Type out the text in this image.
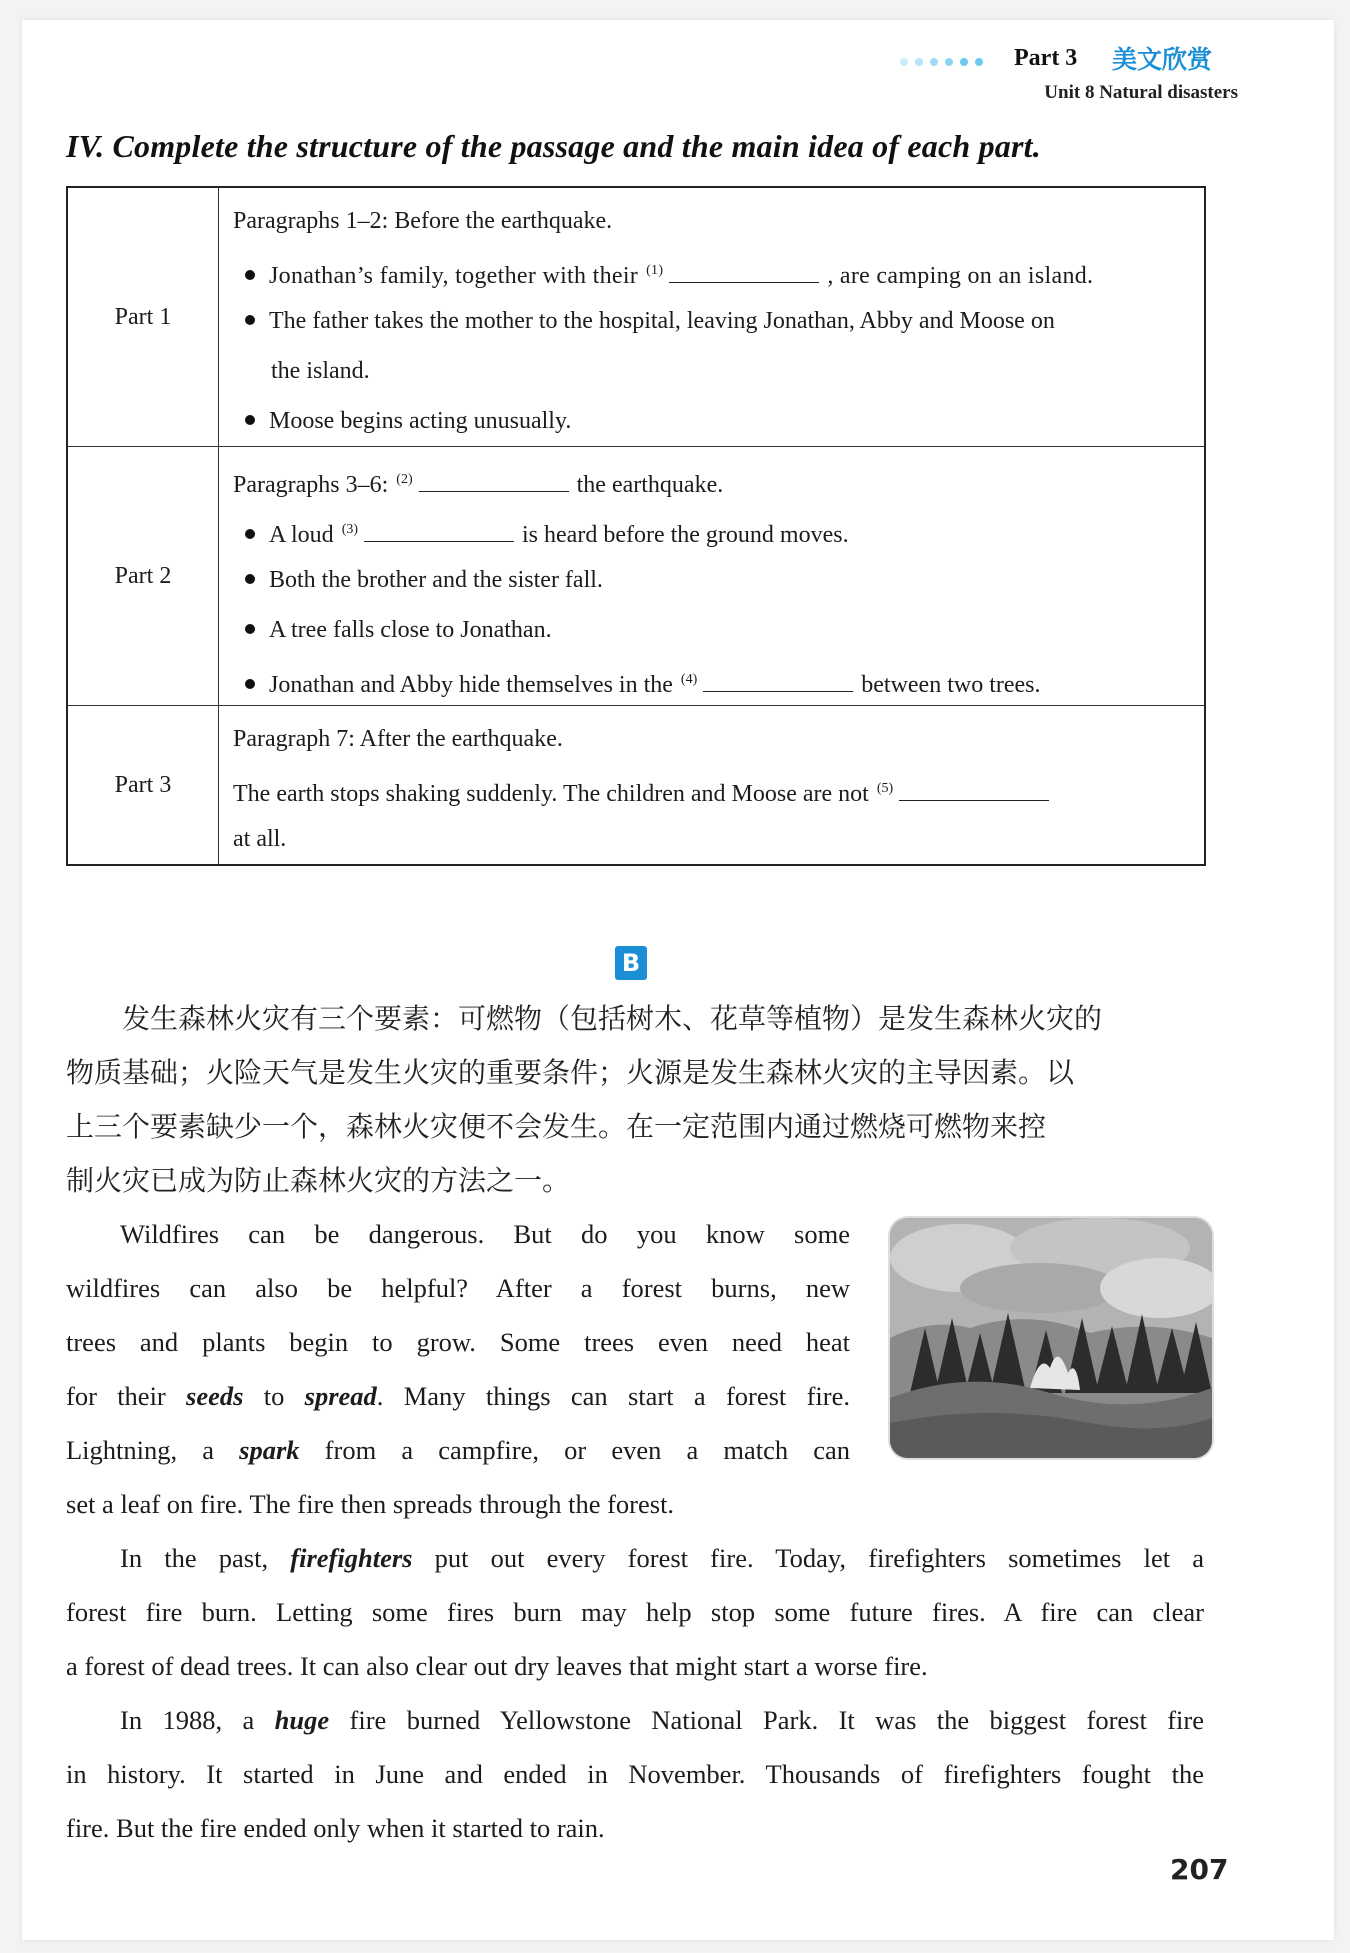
Part 3 美文欣赏
Unit 8 Natural disasters
IV. Complete the structure of the passage and the main idea of each part.
Part 1
Paragraphs 1–2: Before the earthquake.
Jonathan’s family, together with their $^{(1)}$	, are camping on an island.
The father takes the mother to the hospital, leaving Jonathan, Abby and Moose on
the island.
Moose begins acting unusually.
Part 2
Paragraphs 3–6: $^{(2)}$	the earthquake.
A loud $^{(3)}$	is heard before the ground moves.
Both the brother and the sister fall.
A tree falls close to Jonathan.
Jonathan and Abby hide themselves in the $^{(4)}$	between two trees.
Part 3
Paragraph 7: After the earthquake.
The earth stops shaking suddenly. The children and Moose are not $^{(5)}$
at all.
B
　　发生森林火灾有三个要素：可燃物（包括树木、花草等植物）是发生森林火灾的
物质基础；火险天气是发生火灾的重要条件；火源是发生森林火灾的主导因素。以
上三个要素缺少一个，森林火灾便不会发生。在一定范围内通过燃烧可燃物来控
制火灾已成为防止森林火灾的方法之一。
Wildfires can be dangerous. But do you know some
wildfires can also be helpful? After a forest burns, new
trees and plants begin to grow. Some trees even need heat
for their seeds to spread. Many things can start a forest fire.
Lightning, a spark from a campfire, or even a match can
set a leaf on fire. The fire then spreads through the forest.
In the past, firefighters put out every forest fire. Today, firefighters sometimes let a
forest fire burn. Letting some fires burn may help stop some future fires. A fire can clear
a forest of dead trees. It can also clear out dry leaves that might start a worse fire.
In 1988, a huge fire burned Yellowstone National Park. It was the biggest forest fire
in history. It started in June and ended in November. Thousands of firefighters fought the
fire. But the fire ended only when it started to rain.
207
